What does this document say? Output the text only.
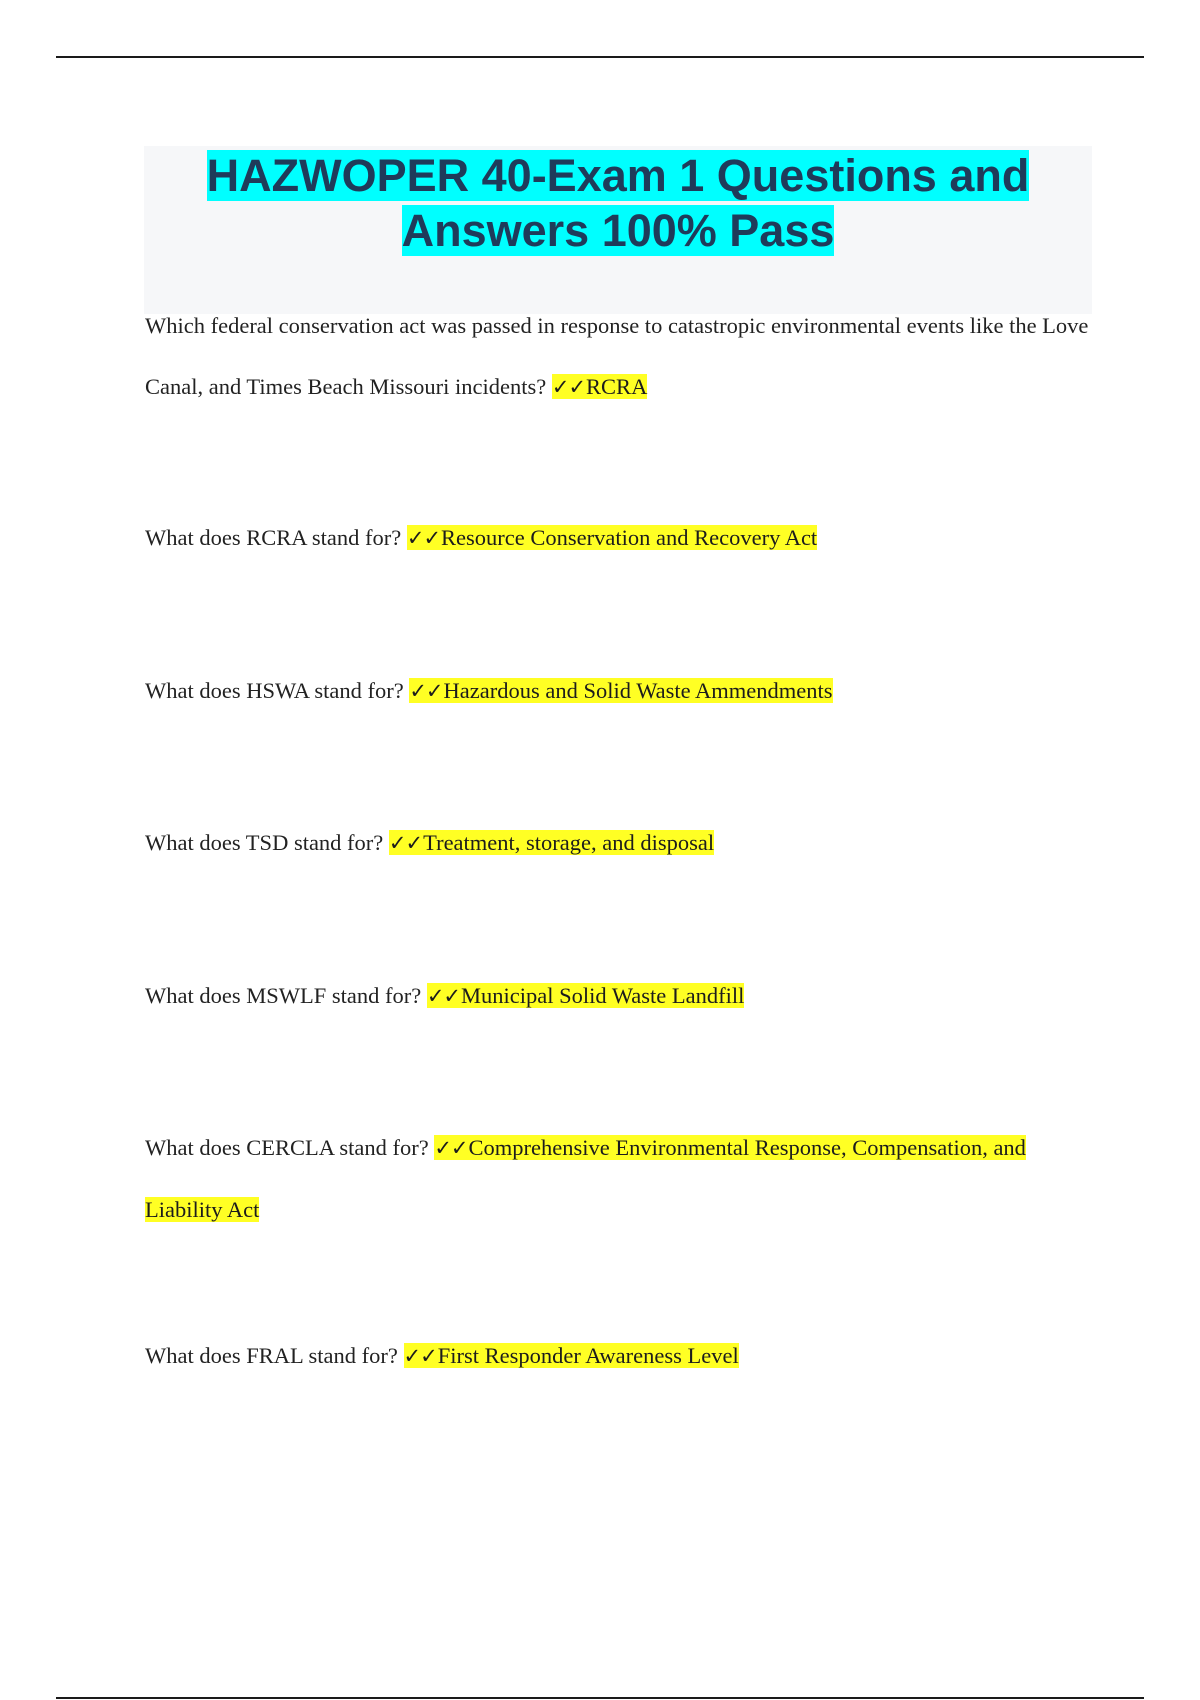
HAZWOPER 40-Exam 1 Questions and Answers 100% Pass

Which federal conservation act was passed in response to catastropic environmental events like the Love Canal, and Times Beach Missouri incidents? ✓✓RCRA

What does RCRA stand for? ✓✓Resource Conservation and Recovery Act

What does HSWA stand for? ✓✓Hazardous and Solid Waste Ammendments

What does TSD stand for? ✓✓Treatment, storage, and disposal

What does MSWLF stand for? ✓✓Municipal Solid Waste Landfill

What does CERCLA stand for? ✓✓Comprehensive Environmental Response, Compensation, and Liability Act

What does FRAL stand for? ✓✓First Responder Awareness Level
